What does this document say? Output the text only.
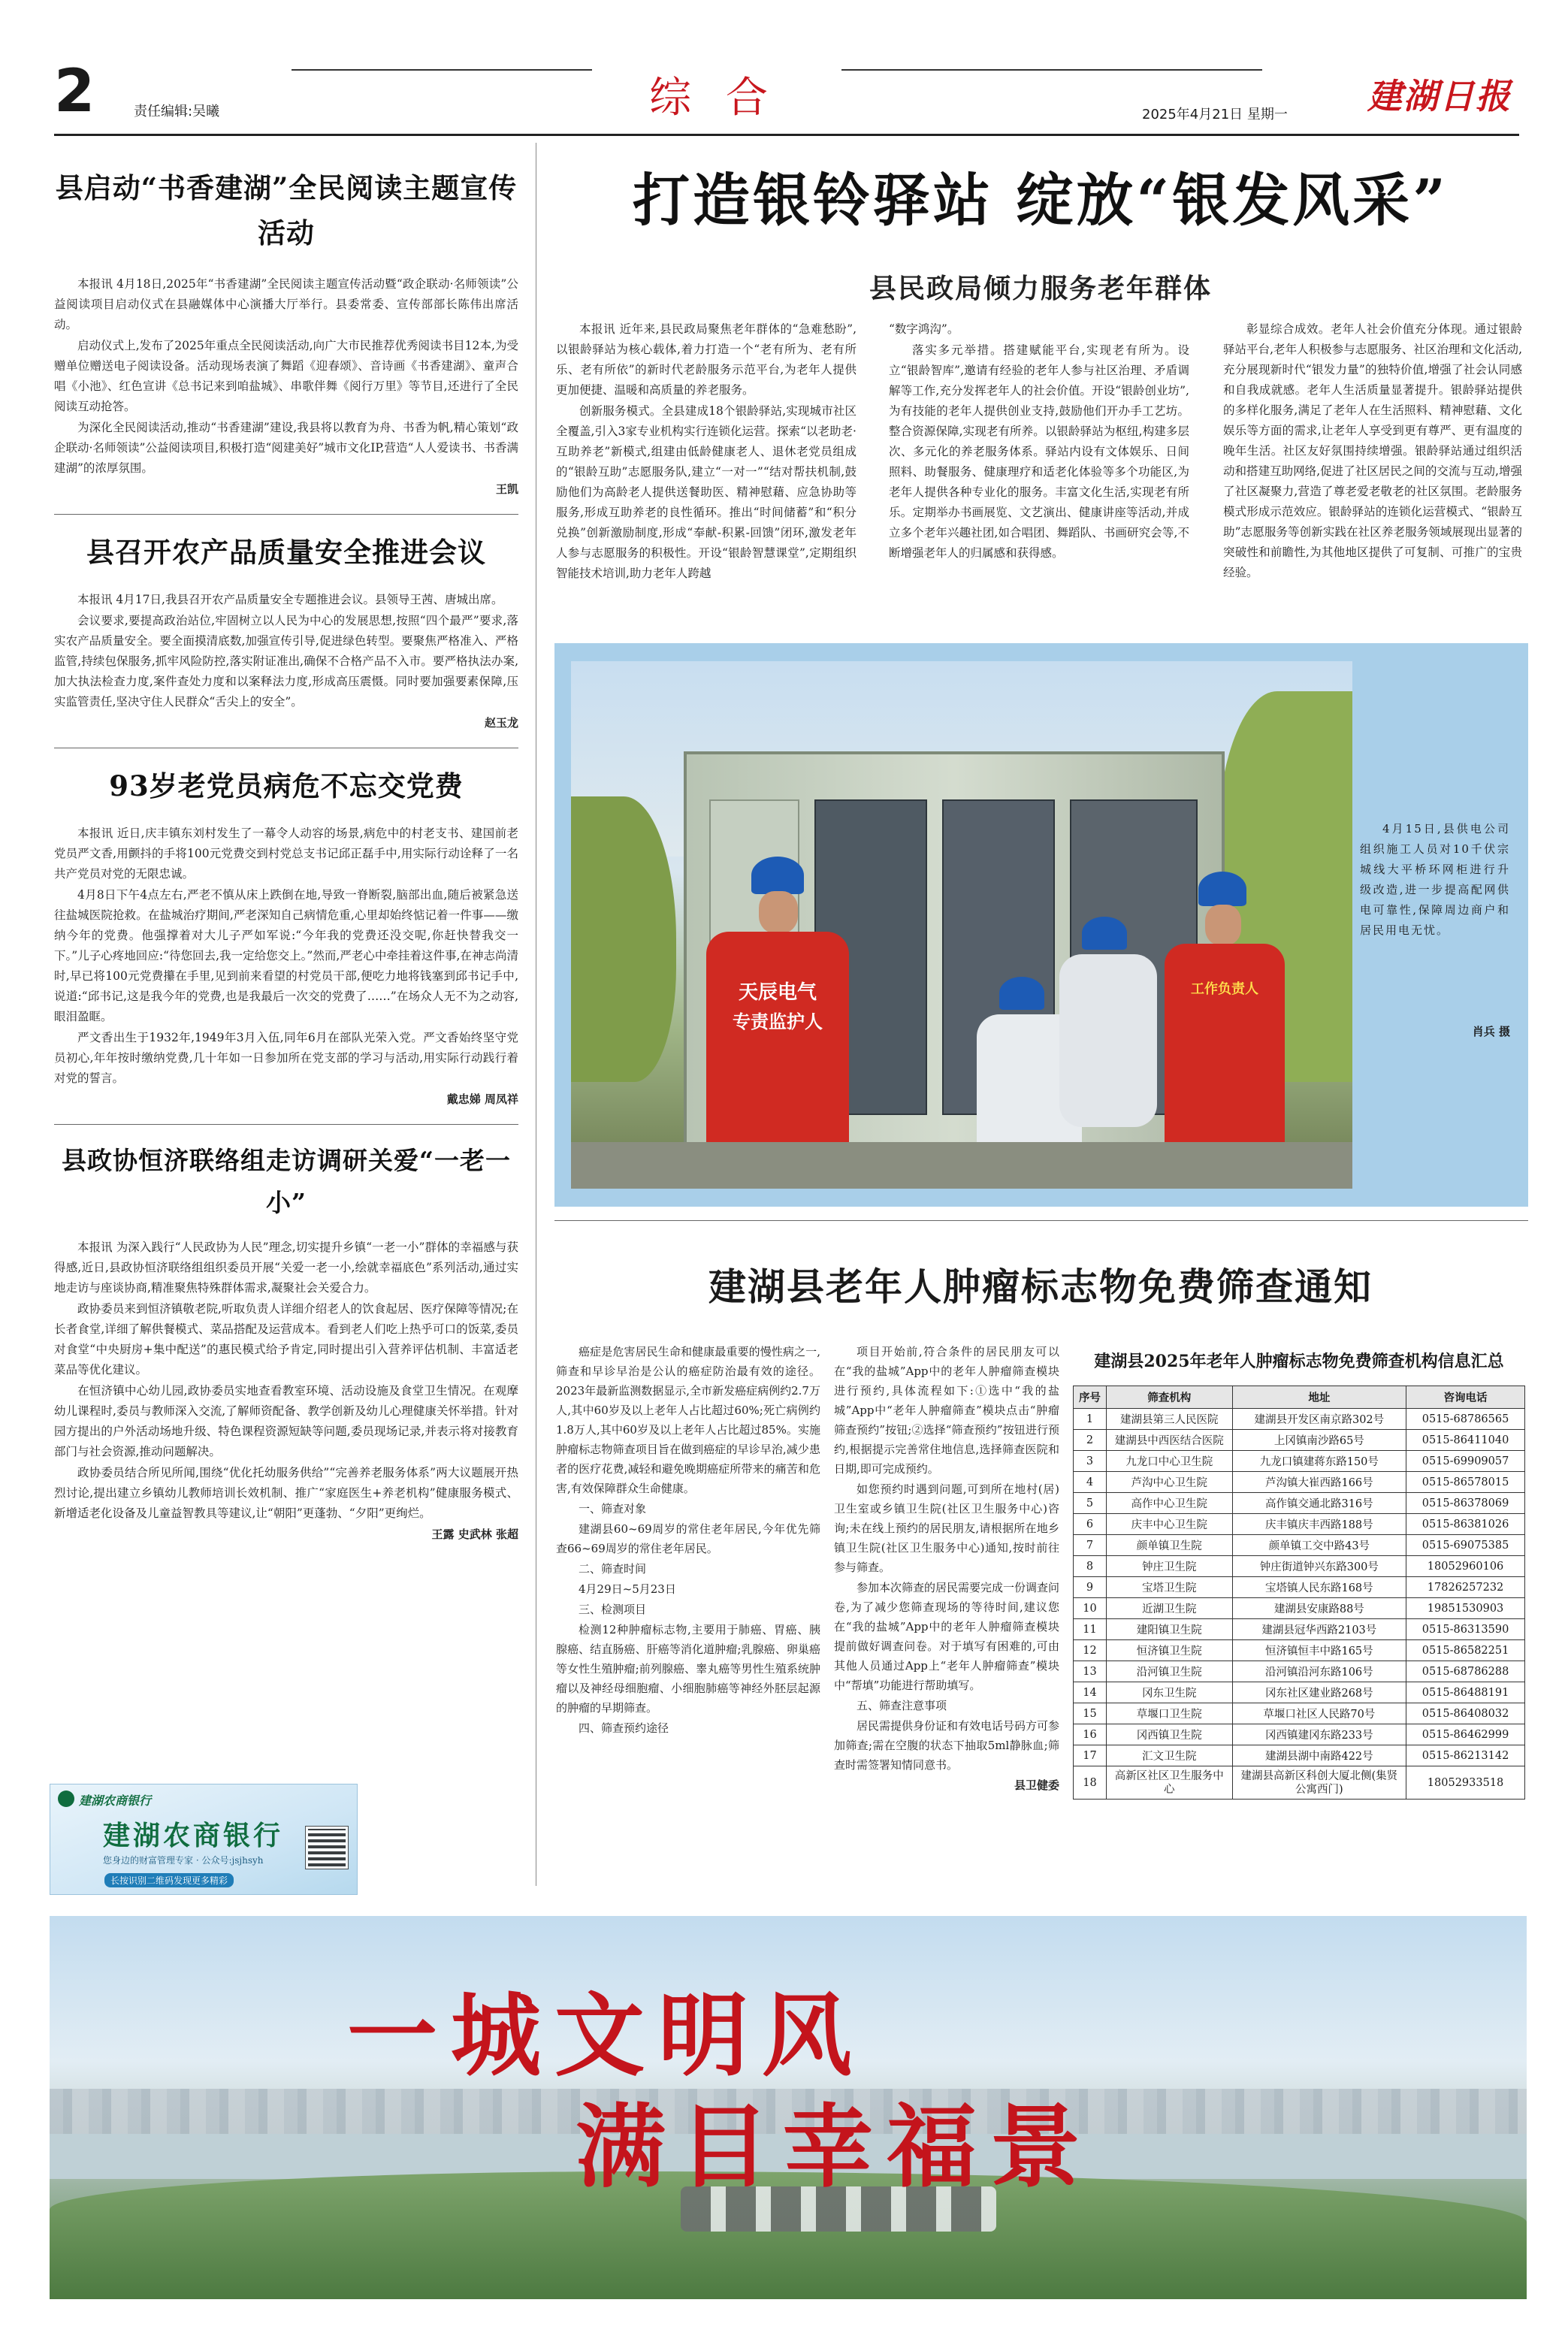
2	责任编辑:吴曦	综 合	2025年4月21日 星期一 建湖日报
县启动“书香建湖”全民阅读主题宣传活动

本报讯 4月18日,2025年“书香建湖”全民阅读主题宣传活动暨“政企联动·名师领读”公益阅读项目启动仪式在县融媒体中心演播大厅举行。县委常委、宣传部部长陈伟出席活动。

启动仪式上,发布了2025年重点全民阅读活动,向广大市民推荐优秀阅读书目12本,为受赠单位赠送电子阅读设备。活动现场表演了舞蹈《迎春颂》、音诗画《书香建湖》、童声合唱《小池》、红色宣讲《总书记来到咱盐城》、串歌伴舞《阅行万里》等节目,还进行了全民阅读互动抢答。

为深化全民阅读活动,推动“书香建湖”建设,我县将以教育为舟、书香为帆,精心策划“政企联动·名师领读”公益阅读项目,积极打造“阅建美好”城市文化IP,营造“人人爱读书、书香满建湖”的浓厚氛围。

王凯
县召开农产品质量安全推进会议

本报讯 4月17日,我县召开农产品质量安全专题推进会议。县领导王茜、唐城出席。

会议要求,要提高政治站位,牢固树立以人民为中心的发展思想,按照“四个最严”要求,落实农产品质量安全。要全面摸清底数,加强宣传引导,促进绿色转型。要聚焦严格准入、严格监管,持续包保服务,抓牢风险防控,落实附证准出,确保不合格产品不入市。要严格执法办案,加大执法检查力度,案件查处力度和以案释法力度,形成高压震慑。同时要加强要素保障,压实监管责任,坚决守住人民群众“舌尖上的安全”。

赵玉龙
93岁老党员病危不忘交党费

本报讯 近日,庆丰镇东刘村发生了一幕令人动容的场景,病危中的村老支书、建国前老党员严文香,用颤抖的手将100元党费交到村党总支书记邱正磊手中,用实际行动诠释了一名共产党员对党的无限忠诚。

4月8日下午4点左右,严老不慎从床上跌倒在地,导致一脊断裂,脑部出血,随后被紧急送往盐城医院抢救。在盐城治疗期间,严老深知自己病情危重,心里却始终惦记着一件事——缴纳今年的党费。他强撑着对大儿子严如军说:“今年我的党费还没交呢,你赶快替我交一下。”儿子心疼地回应:“待您回去,我一定给您交上。”然而,严老心中牵挂着这件事,在神志尚清时,早已将100元党费攥在手里,见到前来看望的村党员干部,便吃力地将钱塞到邱书记手中,说道:“邱书记,这是我今年的党费,也是我最后一次交的党费了……”在场众人无不为之动容,眼泪盈眶。

严文香出生于1932年,1949年3月入伍,同年6月在部队光荣入党。严文香始终坚守党员初心,年年按时缴纳党费,几十年如一日参加所在党支部的学习与活动,用实际行动践行着对党的誓言。

戴忠娣 周凤祥
县政协恒济联络组走访调研关爱“一老一小”

本报讯 为深入践行“人民政协为人民”理念,切实提升乡镇“一老一小”群体的幸福感与获得感,近日,县政协恒济联络组组织委员开展“关爱一老一小,绘就幸福底色”系列活动,通过实地走访与座谈协商,精准聚焦特殊群体需求,凝聚社会关爱合力。

政协委员来到恒济镇敬老院,听取负责人详细介绍老人的饮食起居、医疗保障等情况;在长者食堂,详细了解供餐模式、菜品搭配及运营成本。看到老人们吃上热乎可口的饭菜,委员对食堂“中央厨房+集中配送”的惠民模式给予肯定,同时提出引入营养评估机制、丰富适老菜品等优化建议。

在恒济镇中心幼儿园,政协委员实地查看教室环境、活动设施及食堂卫生情况。在观摩幼儿课程时,委员与教师深入交流,了解师资配备、教学创新及幼儿心理健康关怀举措。针对园方提出的户外活动场地升级、特色课程资源短缺等问题,委员现场记录,并表示将对接教育部门与社会资源,推动问题解决。

政协委员结合所见所闻,围绕“优化托幼服务供给”“完善养老服务体系”两大议题展开热烈讨论,提出建立乡镇幼儿教师培训长效机制、推广“家庭医生+养老机构”健康服务模式、新增适老化设备及儿童益智教具等建议,让“朝阳”更蓬勃、“夕阳”更绚烂。

王露 史武林 张超
建湖农商银行
建湖农商银行
您身边的财富管理专家 · 公众号:jsjhsyh
长按识别二维码发现更多精彩
打造银铃驿站 绽放“银发风采”
县民政局倾力服务老年群体

本报讯 近年来,县民政局聚焦老年群体的“急难愁盼”,以银龄驿站为核心载体,着力打造一个“老有所为、老有所乐、老有所依”的新时代老龄服务示范平台,为老年人提供更加便捷、温暖和高质量的养老服务。

创新服务模式。全县建成18个银龄驿站,实现城市社区全覆盖,引入3家专业机构实行连锁化运营。探索“以老助老·互助养老”新模式,组建由低龄健康老人、退休老党员组成的“银龄互助”志愿服务队,建立“一对一”“结对帮扶机制,鼓励他们为高龄老人提供送餐助医、精神慰藉、应急协助等服务,形成互助养老的良性循环。推出“时间储蓄”和“积分兑换”创新激励制度,形成“奉献-积累-回馈”闭环,激发老年人参与志愿服务的积极性。开设“银龄智慧课堂”,定期组织智能技术培训,助力老年人跨越

“数字鸿沟”。

落实多元举措。搭建赋能平台,实现老有所为。设立“银龄智库”,邀请有经验的老年人参与社区治理、矛盾调解等工作,充分发挥老年人的社会价值。开设“银龄创业坊”,为有技能的老年人提供创业支持,鼓励他们开办手工艺坊。整合资源保障,实现老有所养。以银龄驿站为枢纽,构建多层次、多元化的养老服务体系。驿站内设有文体娱乐、日间照料、助餐服务、健康理疗和适老化体验等多个功能区,为老年人提供各种专业化的服务。丰富文化生活,实现老有所乐。定期举办书画展览、文艺演出、健康讲座等活动,并成立多个老年兴趣社团,如合唱团、舞蹈队、书画研究会等,不断增强老年人的归属感和获得感。

彰显综合成效。老年人社会价值充分体现。通过银龄驿站平台,老年人积极参与志愿服务、社区治理和文化活动,充分展现新时代“银发力量”的独特价值,增强了社会认同感和自我成就感。老年人生活质量显著提升。银龄驿站提供的多样化服务,满足了老年人在生活照料、精神慰藉、文化娱乐等方面的需求,让老年人享受到更有尊严、更有温度的晚年生活。社区友好氛围持续增强。银龄驿站通过组织活动和搭建互助网络,促进了社区居民之间的交流与互动,增强了社区凝聚力,营造了尊老爱老敬老的社区氛围。老龄服务模式形成示范效应。银龄驿站的连锁化运营模式、“银龄互助”志愿服务等创新实践在社区养老服务领域展现出显著的突破性和前瞻性,为其他地区提供了可复制、可推广的宝贵经验。

天辰电气
专责监护人
工作负责人
4月15日,县供电公司组织施工人员对10千伏宗城线大平桥环网柜进行升级改造,进一步提高配网供电可靠性,保障周边商户和居民用电无忧。
肖兵 摄
建湖县老年人肿瘤标志物免费筛查通知

癌症是危害居民生命和健康最重要的慢性病之一,筛查和早诊早治是公认的癌症防治最有效的途径。2023年最新监测数据显示,全市新发癌症病例约2.7万人,其中60岁及以上老年人占比超过60%;死亡病例约1.8万人,其中60岁及以上老年人占比超过85%。实施肿瘤标志物筛查项目旨在做到癌症的早诊早治,减少患者的医疗花费,减轻和避免晚期癌症所带来的痛苦和危害,有效保障群众生命健康。

一、筛查对象

建湖县60~69周岁的常住老年居民,今年优先筛查66~69周岁的常住老年居民。

二、筛查时间

4月29日~5月23日

三、检测项目

检测12种肿瘤标志物,主要用于肺癌、胃癌、胰腺癌、结直肠癌、肝癌等消化道肿瘤;乳腺癌、卵巢癌等女性生殖肿瘤;前列腺癌、睾丸癌等男性生殖系统肿瘤以及神经母细胞瘤、小细胞肺癌等神经外胚层起源的肿瘤的早期筛查。

四、筛查预约途径

项目开始前,符合条件的居民朋友可以在“我的盐城”App中的老年人肿瘤筛查模块进行预约,具体流程如下:①选中“我的盐城”App中“老年人肿瘤筛查”模块点击“肿瘤筛查预约”按钮;②选择“筛查预约”按钮进行预约,根据提示完善常住地信息,选择筛查医院和日期,即可完成预约。

如您预约时遇到问题,可到所在地村(居)卫生室或乡镇卫生院(社区卫生服务中心)咨询;未在线上预约的居民朋友,请根据所在地乡镇卫生院(社区卫生服务中心)通知,按时前往参与筛查。

参加本次筛查的居民需要完成一份调查问卷,为了减少您筛查现场的等待时间,建议您在“我的盐城”App中的老年人肿瘤筛查模块提前做好调查问卷。对于填写有困难的,可由其他人员通过App上“老年人肿瘤筛查”模块中“帮填”功能进行帮助填写。

五、筛查注意事项

居民需提供身份证和有效电话号码方可参加筛查;需在空腹的状态下抽取5ml静脉血;筛查时需签署知情同意书。

县卫健委
建湖县2025年老年人肿瘤标志物免费筛查机构信息汇总
序号	筛查机构	地址	咨询电话
1	建湖县第三人民医院	建湖县开发区南京路302号	0515-68786565
2	建湖县中西医结合医院	上冈镇南沙路65号	0515-86411040
3	九龙口中心卫生院	九龙口镇建蒋东路150号	0515-69909057
4	芦沟中心卫生院	芦沟镇大崔西路166号	0515-86578015
5	高作中心卫生院	高作镇交通北路316号	0515-86378069
6	庆丰中心卫生院	庆丰镇庆丰西路188号	0515-86381026
7	颜单镇卫生院	颜单镇工交中路43号	0515-69075385
8	钟庄卫生院	钟庄街道钟兴东路300号	18052960106
9	宝塔卫生院	宝塔镇人民东路168号	17826257232
10	近湖卫生院	建湖县安康路88号	19851530903
11	建阳镇卫生院	建湖县冠华西路2103号	0515-86313590
12	恒济镇卫生院	恒济镇恒丰中路165号	0515-86582251
13	沿河镇卫生院	沿河镇沿河东路106号	0515-68786288
14	冈东卫生院	冈东社区建业路268号	0515-86488191
15	草堰口卫生院	草堰口社区人民路70号	0515-86408032
16	冈西镇卫生院	冈西镇建冈东路233号	0515-86462999
17	汇文卫生院	建湖县湖中南路422号	0515-86213142
18	高新区社区卫生服务中心	建湖县高新区科创大厦北侧(集贤公寓西门)	18052933518
一城文明风
满目幸福景
